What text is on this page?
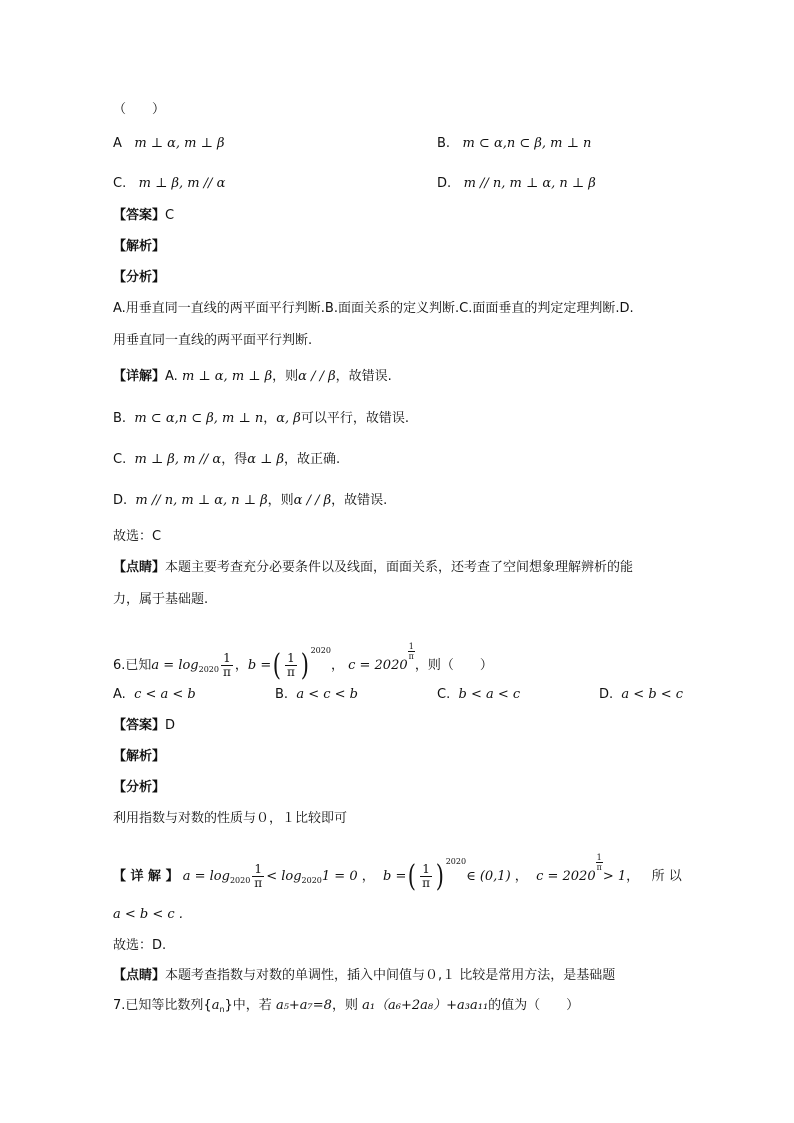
（　　）
A m ⊥ α, m ⊥ β	B. m ⊂ α,n ⊂ β, m ⊥ n
C. m ⊥ β, m // α	D. m // n, m ⊥ α, n ⊥ β
【答案】C
【解析】
【分析】
A.用垂直同一直线的两平面平行判断.B.面面关系的定义判断.C.面面垂直的判定定理判断.D.
用垂直同一直线的两平面平行判断.
【详解】A. m ⊥ α, m ⊥ β，则α / / β，故错误.
B. m ⊂ α,n ⊂ β, m ⊥ n，α, β可以平行，故错误.
C. m ⊥ β, m // α，得α ⊥ β，故正确.
D. m // n, m ⊥ α, n ⊥ β，则α / / β，故错误.
故选：C
【点睛】本题主要考查充分必要条件以及线面，面面关系，还考查了空间想象理解辨析的能
力，属于基础题.
6.已知$a = \log_{2020} \frac{1}{\pi}$ ，b =( $\frac{1}{\pi}$ ) $^{2020}$， c = 2020
$\frac{1}{\pi}$
，则（　　）
A. c < a < b	B. a < c < b	C. b < a < c	D. a < b < c
【答案】D
【解析】
【分析】
利用指数与对数的性质与０，１比较即可
【 详 解 】 $a = \log_{2020} \frac{1}{\pi} < \log_{2020}1 = 0$ ， b =( $\frac{1}{\pi}$ ) $^{2020}$∈ (0,1) ， c = 2020
$\frac{1}{\pi}$
> 1， 所 以
a < b < c .
故选：D.
【点睛】本题考查指数与对数的单调性，插入中间值与０,１ 比较是常用方法，是基础题
7.已知等比数列$\{a_n\}$中，若 a₅+a₇=8，则 a₁（a₆+2a₈）+a₃a₁₁的值为（　　）
